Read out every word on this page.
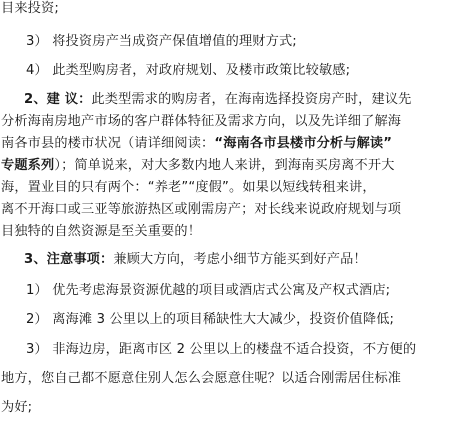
目来投资;
3） 将投资房产当成资产保值增值的理财方式;
4） 此类型购房者，对政府规划、及楼市政策比较敏感;
2、建 议：此类型需求的购房者，在海南选择投资房产时，建议先
分析海南房地产市场的客户群体特征及需求方向，以及先详细了解海
南各市县的楼市状况（请详细阅读：“海南各市县楼市分析与解读”
专题系列）；简单说来，对大多数内地人来讲，到海南买房离不开大
海，置业目的只有两个：“养老”“度假”。如果以短线转租来讲，
离不开海口或三亚等旅游热区或刚需房产；对长线来说政府规划与项
目独特的自然资源是至关重要的！
3、注意事项：兼顾大方向，考虑小细节方能买到好产品！
1） 优先考虑海景资源优越的项目或酒店式公寓及产权式酒店;
2） 离海滩 3 公里以上的项目稀缺性大大减少，投资价值降低;
3） 非海边房，距离市区 2 公里以上的楼盘不适合投资，不方便的
地方，您自己都不愿意住别人怎么会愿意住呢？以适合刚需居住标准
为好;
